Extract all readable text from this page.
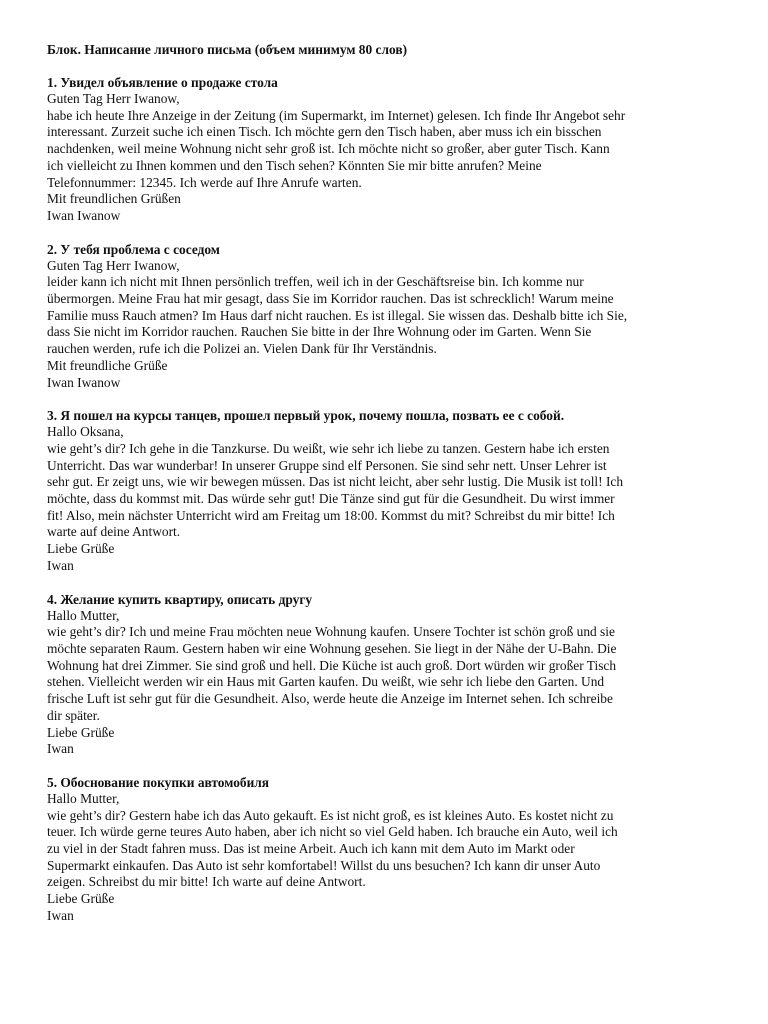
Блок. Написание личного письма (объем минимум 80 слов)

1. Увидел объявление о продаже стола

Guten Tag Herr Iwanow,

habe ich heute Ihre Anzeige in der Zeitung (im Supermarkt, im Internet) gelesen. Ich finde Ihr Angebot sehr

interessant. Zurzeit suche ich einen Tisch. Ich möchte gern den Tisch haben, aber muss ich ein bisschen

nachdenken, weil meine Wohnung nicht sehr groß ist. Ich möchte nicht so großer, aber guter Tisch. Kann

ich vielleicht zu Ihnen kommen und den Tisch sehen? Könnten Sie mir bitte anrufen? Meine

Telefonnummer: 12345. Ich werde auf Ihre Anrufe warten.

Mit freundlichen Grüßen

Iwan Iwanow

2. У тебя проблема с соседом

Guten Tag Herr Iwanow,

leider kann ich nicht mit Ihnen persönlich treffen, weil ich in der Geschäftsreise bin. Ich komme nur

übermorgen. Meine Frau hat mir gesagt, dass Sie im Korridor rauchen. Das ist schrecklich! Warum meine

Familie muss Rauch atmen? Im Haus darf nicht rauchen. Es ist illegal. Sie wissen das. Deshalb bitte ich Sie,

dass Sie nicht im Korridor rauchen. Rauchen Sie bitte in der Ihre Wohnung oder im Garten. Wenn Sie

rauchen werden, rufe ich die Polizei an. Vielen Dank für Ihr Verständnis.

Mit freundliche Grüße

Iwan Iwanow

3. Я пошел на курсы танцев, прошел первый урок, почему пошла, позвать ее с собой.

Hallo Oksana,

wie geht’s dir? Ich gehe in die Tanzkurse. Du weißt, wie sehr ich liebe zu tanzen. Gestern habe ich ersten

Unterricht. Das war wunderbar! In unserer Gruppe sind elf Personen. Sie sind sehr nett. Unser Lehrer ist

sehr gut. Er zeigt uns, wie wir bewegen müssen. Das ist nicht leicht, aber sehr lustig. Die Musik ist toll! Ich

möchte, dass du kommst mit. Das würde sehr gut! Die Tänze sind gut für die Gesundheit. Du wirst immer

fit! Also, mein nächster Unterricht wird am Freitag um 18:00. Kommst du mit? Schreibst du mir bitte! Ich

warte auf deine Antwort.

Liebe Grüße

Iwan

4. Желание купить квартиру, описать другу

Hallo Mutter,

wie geht’s dir? Ich und meine Frau möchten neue Wohnung kaufen. Unsere Tochter ist schön groß und sie

möchte separaten Raum. Gestern haben wir eine Wohnung gesehen. Sie liegt in der Nähe der U-Bahn. Die

Wohnung hat drei Zimmer. Sie sind groß und hell. Die Küche ist auch groß. Dort würden wir großer Tisch

stehen. Vielleicht werden wir ein Haus mit Garten kaufen. Du weißt, wie sehr ich liebe den Garten. Und

frische Luft ist sehr gut für die Gesundheit. Also, werde heute die Anzeige im Internet sehen. Ich schreibe

dir später.

Liebe Grüße

Iwan

5. Обоснование покупки автомобиля

Hallo Mutter,

wie geht’s dir? Gestern habe ich das Auto gekauft. Es ist nicht groß, es ist kleines Auto. Es kostet nicht zu

teuer. Ich würde gerne teures Auto haben, aber ich nicht so viel Geld haben. Ich brauche ein Auto, weil ich

zu viel in der Stadt fahren muss. Das ist meine Arbeit. Auch ich kann mit dem Auto im Markt oder

Supermarkt einkaufen. Das Auto ist sehr komfortabel! Willst du uns besuchen? Ich kann dir unser Auto

zeigen. Schreibst du mir bitte! Ich warte auf deine Antwort.

Liebe Grüße

Iwan
